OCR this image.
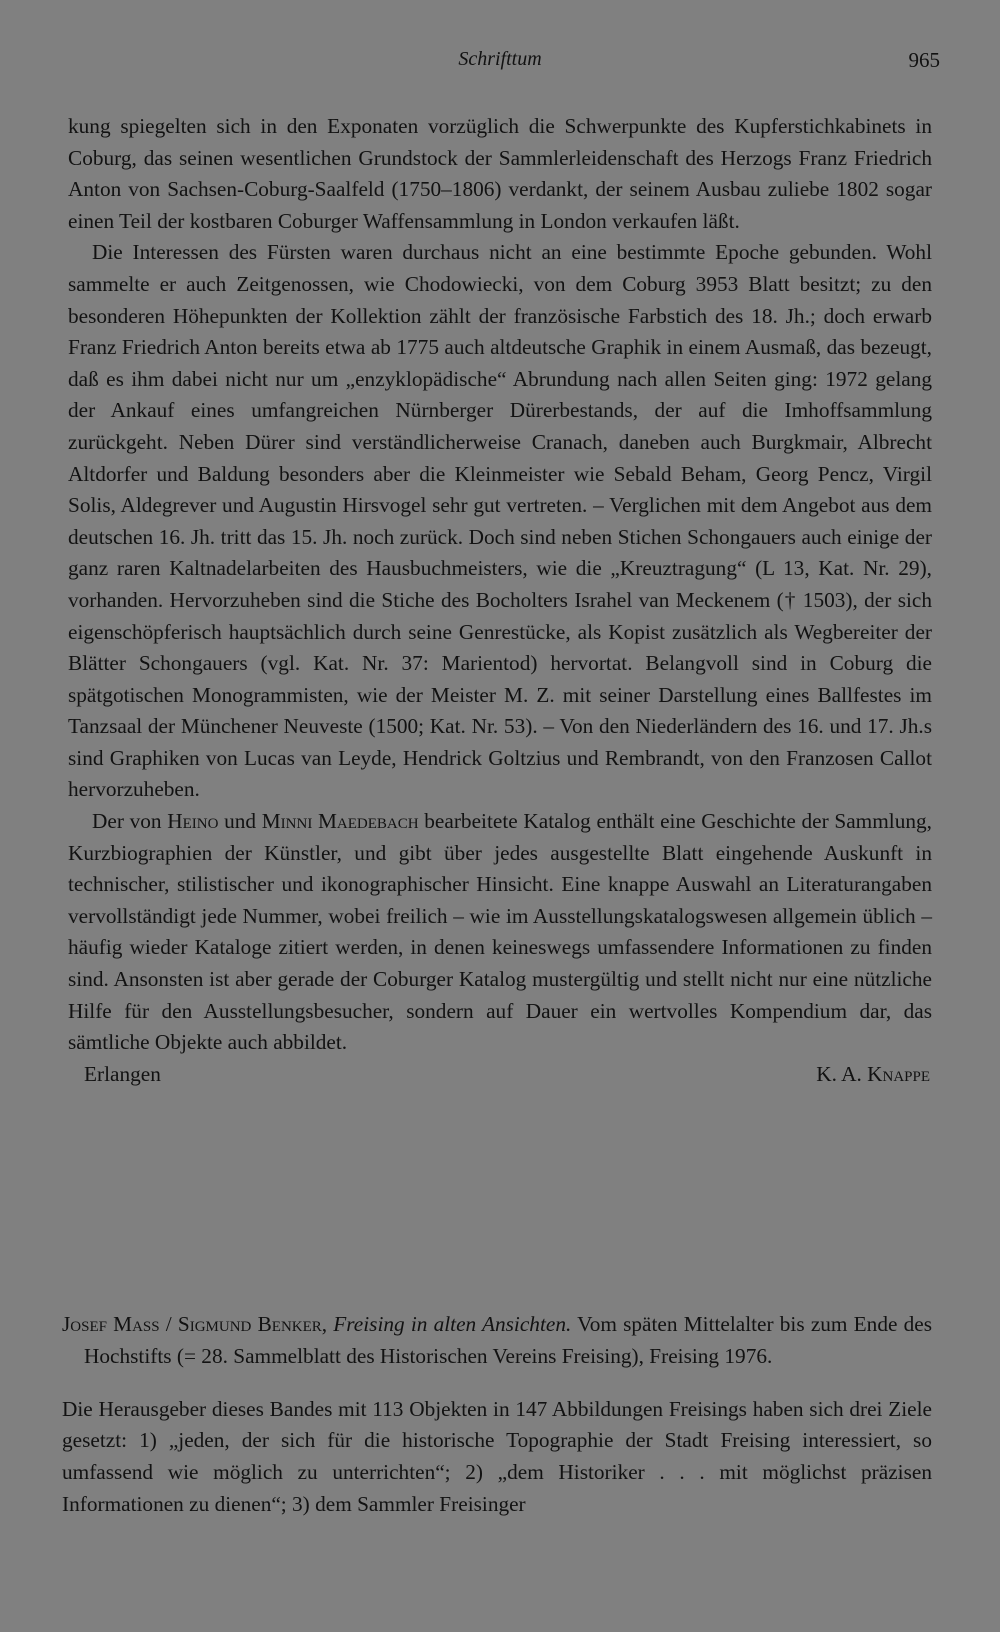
Schrifttum	965

kung spiegelten sich in den Exponaten vorzüglich die Schwerpunkte des Kupferstichkabinets in Coburg, das seinen wesentlichen Grundstock der Sammlerleidenschaft des Herzogs Franz Friedrich Anton von Sachsen-Coburg-Saalfeld (1750–1806) verdankt, der seinem Ausbau zuliebe 1802 sogar einen Teil der kostbaren Coburger Waffensammlung in London verkaufen läßt.

Die Interessen des Fürsten waren durchaus nicht an eine bestimmte Epoche gebunden. Wohl sammelte er auch Zeitgenossen, wie Chodowiecki, von dem Coburg 3953 Blatt besitzt; zu den besonderen Höhepunkten der Kollektion zählt der französische Farbstich des 18. Jh.; doch erwarb Franz Friedrich Anton bereits etwa ab 1775 auch altdeutsche Graphik in einem Ausmaß, das bezeugt, daß es ihm dabei nicht nur um „enzyklopädische“ Abrundung nach allen Seiten ging: 1972 gelang der Ankauf eines umfangreichen Nürnberger Dürerbestands, der auf die Imhoffsammlung zurückgeht. Neben Dürer sind verständlicherweise Cranach, daneben auch Burgkmair, Albrecht Altdorfer und Baldung besonders aber die Kleinmeister wie Sebald Beham, Georg Pencz, Virgil Solis, Aldegrever und Augustin Hirsvogel sehr gut vertreten. – Verglichen mit dem Angebot aus dem deutschen 16. Jh. tritt das 15. Jh. noch zurück. Doch sind neben Stichen Schongauers auch einige der ganz raren Kaltnadelarbeiten des Hausbuchmeisters, wie die „Kreuztragung“ (L 13, Kat. Nr. 29), vorhanden. Hervorzuheben sind die Stiche des Bocholters Israhel van Meckenem († 1503), der sich eigenschöpferisch hauptsächlich durch seine Genrestücke, als Kopist zusätzlich als Wegbereiter der Blätter Schongauers (vgl. Kat. Nr. 37: Marientod) hervortat. Belangvoll sind in Coburg die spätgotischen Monogrammisten, wie der Meister M. Z. mit seiner Darstellung eines Ballfestes im Tanzsaal der Münchener Neuveste (1500; Kat. Nr. 53). – Von den Niederländern des 16. und 17. Jh.s sind Graphiken von Lucas van Leyde, Hendrick Goltzius und Rembrandt, von den Franzosen Callot hervorzuheben.

Der von Heino und Minni Maedebach bearbeitete Katalog enthält eine Geschichte der Sammlung, Kurzbiographien der Künstler, und gibt über jedes ausgestellte Blatt eingehende Auskunft in technischer, stilistischer und ikonographischer Hinsicht. Eine knappe Auswahl an Literaturangaben vervollständigt jede Nummer, wobei freilich – wie im Ausstellungskatalogswesen allgemein üblich – häufig wieder Kataloge zitiert werden, in denen keineswegs umfassendere Informationen zu finden sind. Ansonsten ist aber gerade der Coburger Katalog mustergültig und stellt nicht nur eine nützliche Hilfe für den Ausstellungsbesucher, sondern auf Dauer ein wertvolles Kompendium dar, das sämtliche Objekte auch abbildet.

Erlangen	K. A. Knappe

Josef Mass / Sigmund Benker, Freising in alten Ansichten. Vom späten Mittelalter bis zum Ende des Hochstifts (= 28. Sammelblatt des Historischen Vereins Freising), Freising 1976.

Die Herausgeber dieses Bandes mit 113 Objekten in 147 Abbildungen Freisings haben sich drei Ziele gesetzt: 1) „jeden, der sich für die historische Topographie der Stadt Freising interessiert, so umfassend wie möglich zu unterrichten“; 2) „dem Historiker . . . mit möglichst präzisen Informationen zu dienen“; 3) dem Sammler Freisinger
